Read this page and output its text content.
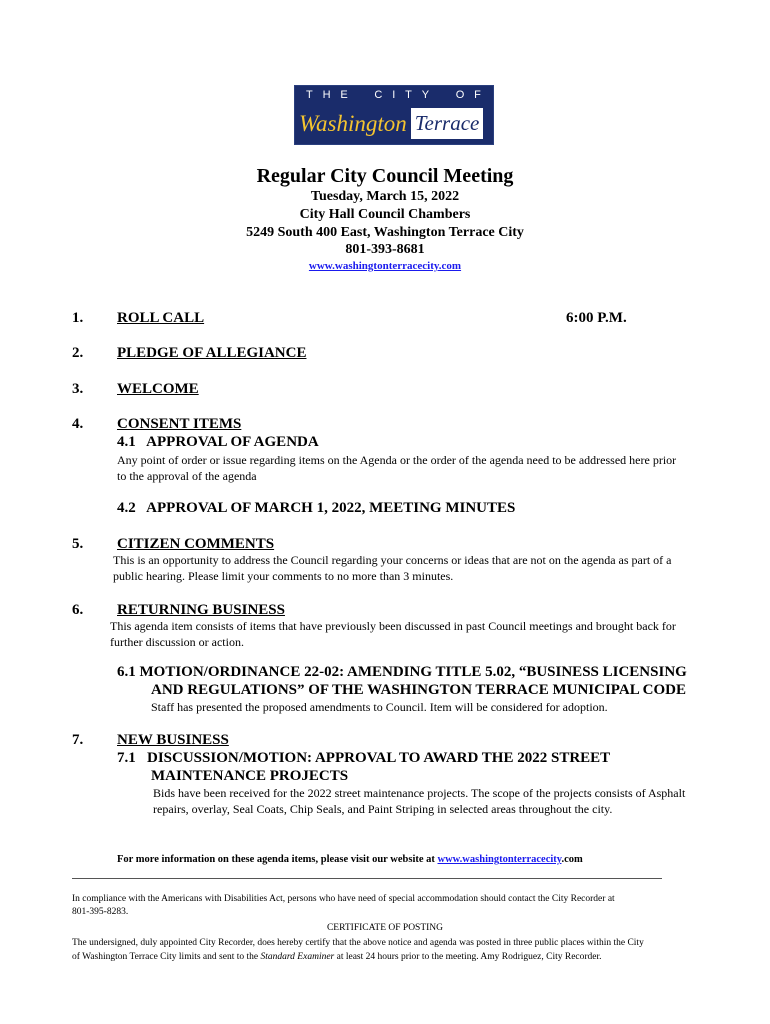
T H E C I T Y O F
Washington Terrace
Regular City Council Meeting
Tuesday, March 15, 2022
City Hall Council Chambers
5249 South 400 East, Washington Terrace City
801-393-8681
www.washingtonterracecity.com
1. ROLL CALL	6:00 P.M.
2. PLEDGE OF ALLEGIANCE
3. WELCOME
4. CONSENT ITEMS
4.1   APPROVAL OF AGENDA
Any point of order or issue regarding items on the Agenda or the order of the agenda need to be addressed here prior
to the approval of the agenda
4.2   APPROVAL OF MARCH 1, 2022, MEETING MINUTES
5. CITIZEN COMMENTS
This is an opportunity to address the Council regarding your concerns or ideas that are not on the agenda as part of a
public hearing. Please limit your comments to no more than 3 minutes.
6. RETURNING BUSINESS
This agenda item consists of items that have previously been discussed in past Council meetings and brought back for
further discussion or action.
6.1 MOTION/ORDINANCE 22-02: AMENDING TITLE 5.02, “BUSINESS LICENSING
AND REGULATIONS” OF THE WASHINGTON TERRACE MUNICIPAL CODE
Staff has presented the proposed amendments to Council. Item will be considered for adoption.
7. NEW BUSINESS
7.1   DISCUSSION/MOTION: APPROVAL TO AWARD THE 2022 STREET
MAINTENANCE PROJECTS
Bids have been received for the 2022 street maintenance projects. The scope of the projects consists of Asphalt
repairs, overlay, Seal Coats, Chip Seals, and Paint Striping in selected areas throughout the city.
For more information on these agenda items, please visit our website at www.washingtonterracecity.com
In compliance with the Americans with Disabilities Act, persons who have need of special accommodation should contact the City Recorder at
801-395-8283.
CERTIFICATE OF POSTING
The undersigned, duly appointed City Recorder, does hereby certify that the above notice and agenda was posted in three public places within the City
of Washington Terrace City limits and sent to the Standard Examiner at least 24 hours prior to the meeting. Amy Rodriguez, City Recorder.
